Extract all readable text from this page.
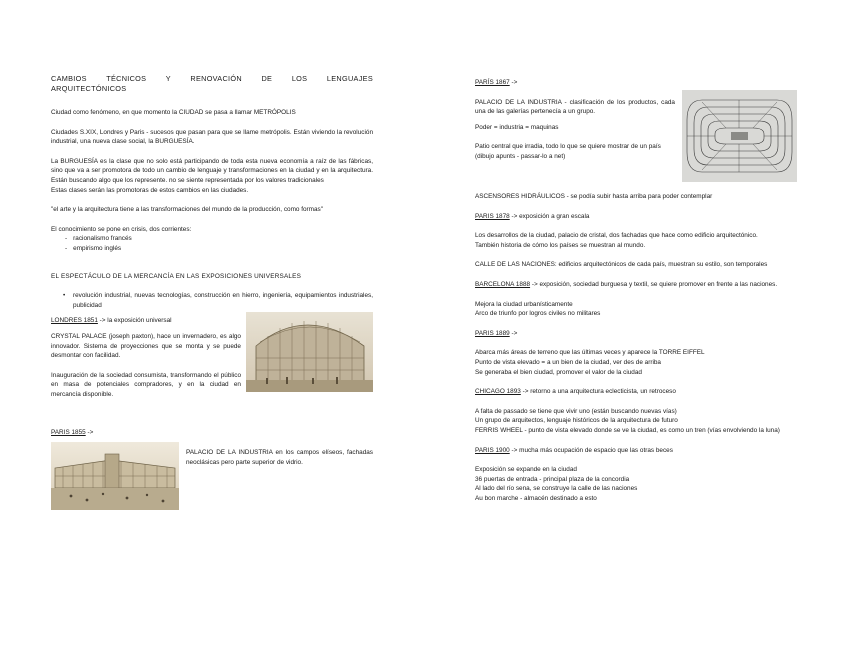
CAMBIOS TÉCNICOS Y RENOVACIÓN DE LOS LENGUAJES

ARQUITECTÓNICOS

Ciudad como fenómeno, en que momento la CIUDAD se pasa a llamar METRÓPOLIS

Ciudades S.XIX, Londres y Paris - sucesos que pasan para que se llame metrópolis. Están viviendo la revolución industrial, una nueva clase social, la BURGUESÍA.

La BURGUESÍA es la clase que no solo está participando de toda esta nueva economía a raíz de las fábricas, sino que va a ser promotora de todo un cambio de lenguaje y transformaciones en la ciudad y en la arquitectura. Están buscando algo que los represente. no se siente representada por los valores tradicionales

Estas clases serán las promotoras de estos cambios en las ciudades.

"el arte y la arquitectura tiene a las transformaciones del mundo de la producción, como formas"

El conocimiento se pone en crisis, dos corrientes:

- racionalismo francés
- empirismo inglés

EL ESPECTÁCULO DE LA MERCANCÍA EN LAS EXPOSICIONES UNIVERSALES

• revolución industrial, nuevas tecnologías, construcción en hierro, ingeniería, equipamientos industriales, publicidad

LONDRES 1851 -> la exposición universal

CRYSTAL PALACE (joseph paxton), hace un invernadero, es algo innovador. Sistema de proyecciones que se monta y se puede desmontar con facilidad.

Inauguración de la sociedad consumista, transformando el público en masa de potenciales compradores, y en la ciudad en mercancía disponible.

PARIS 1855 ->

PALACIO DE LA INDUSTRIA en los campos elíseos, fachadas neoclásicas pero parte superior de vidrio.

PARÍS 1867 ->

PALACIO DE LA INDUSTRIA - clasificación de los productos, cada una de las galerías pertenecía a un grupo.

Poder = industria = maquinas

Patio central que irradia, todo lo que se quiere mostrar de un país (dibujo apunts - passar-lo a net)

ASCENSORES HIDRÁULICOS - se podía subir hasta arriba para poder contemplar

PARIS 1878 -> exposición a gran escala

Los desarrollos de la ciudad, palacio de cristal, dos fachadas que hace como edificio arquitectónico.

También historia de cómo los países se muestran al mundo.

CALLE DE LAS NACIONES: edificios arquitectónicos de cada país, muestran su estilo, son temporales

BARCELONA 1888 -> exposición, sociedad burguesa y textil, se quiere promover en frente a las naciones.

Mejora la ciudad urbanísticamente

Arco de triunfo por logros civiles no militares

PARIS 1889 ->

Abarca más áreas de terreno que las últimas veces y aparece la TORRE EIFFEL

Punto de vista elevado = a un bien de la ciudad, ver des de arriba

Se generaba el bien ciudad, promover el valor de la ciudad

CHICAGO 1893 -> retorno a una arquitectura eclecticista, un retroceso

A falta de passado se tiene que vivir uno (están buscando nuevas vías)

Un grupo de arquitectos, lenguaje históricos de la arquitectura de futuro

FERRIS WHEEL - punto de vista elevado donde se ve la ciudad, es como un tren (vías envolviendo la luna)

PARIS 1900 -> mucha más ocupación de espacio que las otras beces

Exposición se expande en la ciudad

36 puertas de entrada - principal plaza de la concordia

Al lado del río sena, se construye la calle de las naciones

Au bon marche - almacén destinado a esto
